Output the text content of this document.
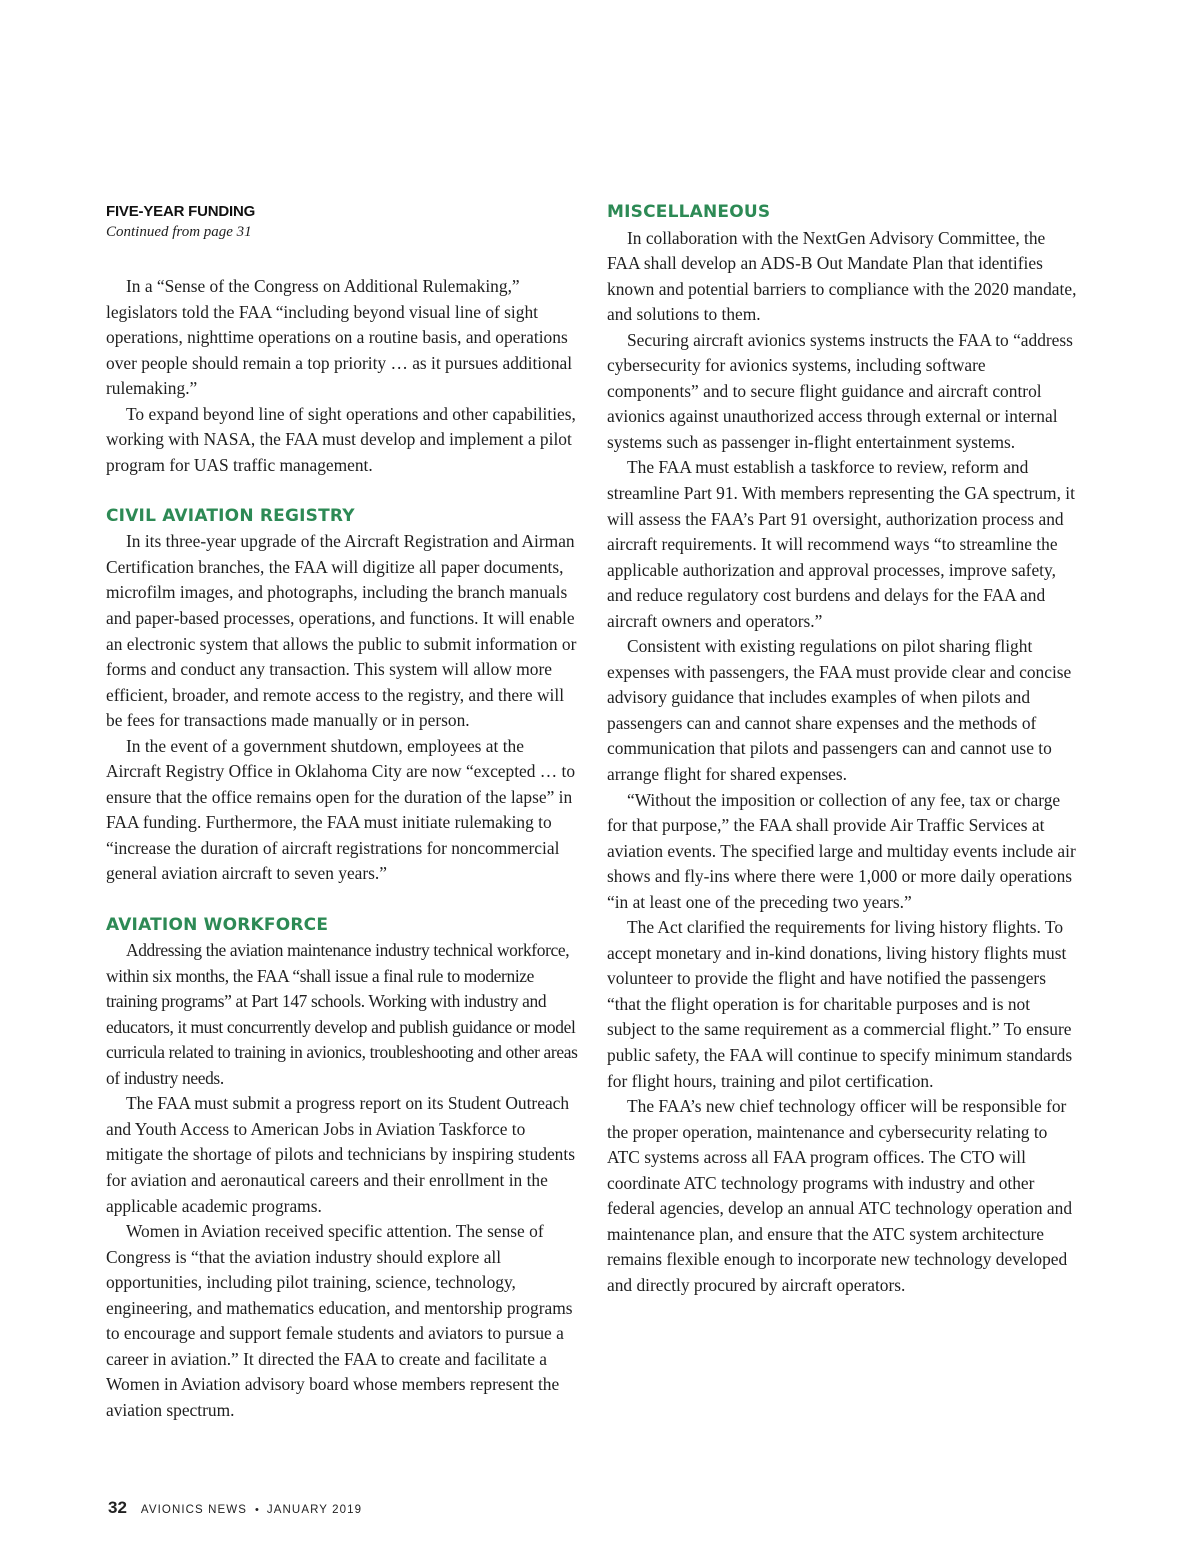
FIVE-YEAR FUNDING
Continued from page 31

In a “Sense of the Congress on Additional Rulemaking,” legislators told the FAA “including beyond visual line of sight operations, nighttime operations on a routine basis, and operations over people should remain a top priority … as it pursues additional rulemaking.”

To expand beyond line of sight operations and other capabilities, working with NASA, the FAA must develop and implement a pilot program for UAS traffic management.

CIVIL AVIATION REGISTRY

In its three-year upgrade of the Aircraft Registration and Airman Certification branches, the FAA will digitize all paper documents, microfilm images, and photographs, including the branch manuals and paper-based processes, operations, and functions. It will enable an electronic system that allows the public to submit information or forms and conduct any transaction. This system will allow more efficient, broader, and remote access to the registry, and there will be fees for transactions made manually or in person.

In the event of a government shutdown, employees at the Aircraft Registry Office in Oklahoma City are now “excepted … to ensure that the office remains open for the duration of the lapse” in FAA funding. Furthermore, the FAA must initiate rulemaking to “increase the duration of aircraft registrations for noncommercial general aviation aircraft to seven years.”

AVIATION WORKFORCE

Addressing the aviation maintenance industry technical workforce, within six months, the FAA “shall issue a final rule to modernize training programs” at Part 147 schools. Working with industry and educators, it must concurrently develop and publish guidance or model curricula related to training in avionics, troubleshooting and other areas of industry needs.

The FAA must submit a progress report on its Student Outreach and Youth Access to American Jobs in Aviation Taskforce to mitigate the shortage of pilots and technicians by inspiring students for aviation and aeronautical careers and their enrollment in the applicable academic programs.

Women in Aviation received specific attention. The sense of Congress is “that the aviation industry should explore all opportunities, including pilot training, science, technology, engineering, and mathematics education, and mentorship programs to encourage and support female students and aviators to pursue a career in aviation.” It directed the FAA to create and facilitate a Women in Aviation advisory board whose members represent the aviation spectrum.

MISCELLANEOUS

In collaboration with the NextGen Advisory Committee, the FAA shall develop an ADS-B Out Mandate Plan that identifies known and potential barriers to compliance with the 2020 mandate, and solutions to them.

Securing aircraft avionics systems instructs the FAA to “address cybersecurity for avionics systems, including software components” and to secure flight guidance and aircraft control avionics against unauthorized access through external or internal systems such as passenger in-flight entertainment systems.

The FAA must establish a taskforce to review, reform and streamline Part 91. With members representing the GA spectrum, it will assess the FAA’s Part 91 oversight, authorization process and aircraft requirements. It will recommend ways “to streamline the applicable authorization and approval processes, improve safety, and reduce regulatory cost burdens and delays for the FAA and aircraft owners and operators.”

Consistent with existing regulations on pilot sharing flight expenses with passengers, the FAA must provide clear and concise advisory guidance that includes examples of when pilots and passengers can and cannot share expenses and the methods of communication that pilots and passengers can and cannot use to arrange flight for shared expenses.

“Without the imposition or collection of any fee, tax or charge for that purpose,” the FAA shall provide Air Traffic Services at aviation events. The specified large and multiday events include air shows and fly-ins where there were 1,000 or more daily operations “in at least one of the preceding two years.”

The Act clarified the requirements for living history flights. To accept monetary and in-kind donations, living history flights must volunteer to provide the flight and have notified the passengers “that the flight operation is for charitable purposes and is not subject to the same requirement as a commercial flight.” To ensure public safety, the FAA will continue to specify minimum standards for flight hours, training and pilot certification.

The FAA’s new chief technology officer will be responsible for the proper operation, maintenance and cybersecurity relating to ATC systems across all FAA program offices. The CTO will coordinate ATC technology programs with industry and other federal agencies, develop an annual ATC technology operation and maintenance plan, and ensure that the ATC system architecture remains flexible enough to incorporate new technology developed and directly procured by aircraft operators.

32 AVIONICS NEWS • JANUARY 2019
